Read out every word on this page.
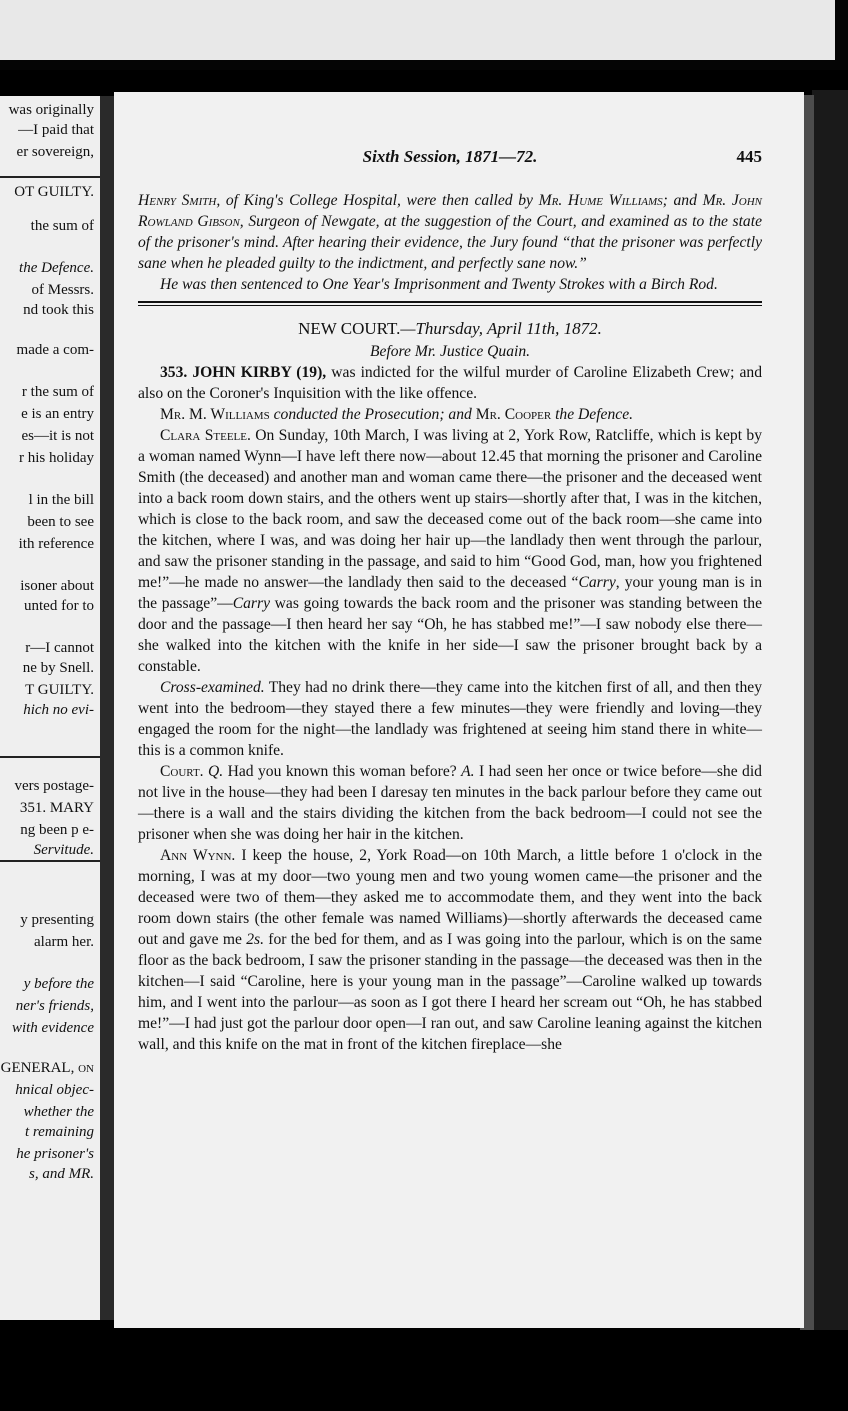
was originally
—I paid that
er sovereign,
OT GUILTY.
the sum of
the Defence.
of Messrs.
nd took this
made a com-
r the sum of
e is an entry
es—it is not
r his holiday
l in the bill
been to see
ith reference
isoner about
unted for to
r—I cannot
ne by Snell.
T GUILTY.
hich no evi-
vers postage-
351. MARY
ng been p e-
Servitude.
y presenting
alarm her.
y before the
ner's friends,
with evidence
GENERAL, on
hnical objec-
whether the
t remaining
he prisoner's
s, and MR.
Sixth Session, 1871—72.	445

Henry Smith, of King's College Hospital, were then called by Mr. Hume Williams; and Mr. John Rowland Gibson, Surgeon of Newgate, at the suggestion of the Court, and examined as to the state of the prisoner's mind. After hearing their evidence, the Jury found “that the prisoner was perfectly sane when he pleaded guilty to the indictment, and perfectly sane now.”

He was then sentenced to One Year's Imprisonment and Twenty Strokes with a Birch Rod.

NEW COURT.—Thursday, April 11th, 1872.
Before Mr. Justice Quain.

353. JOHN KIRBY (19), was indicted for the wilful murder of Caroline Elizabeth Crew; and also on the Coroner's Inquisition with the like offence.

Mr. M. Williams conducted the Prosecution; and Mr. Cooper the Defence.

Clara Steele. On Sunday, 10th March, I was living at 2, York Row, Ratcliffe, which is kept by a woman named Wynn—I have left there now—about 12.45 that morning the prisoner and Caroline Smith (the deceased) and another man and woman came there—the prisoner and the deceased went into a back room down stairs, and the others went up stairs—shortly after that, I was in the kitchen, which is close to the back room, and saw the deceased come out of the back room—she came into the kitchen, where I was, and was doing her hair up—the landlady then went through the parlour, and saw the prisoner standing in the passage, and said to him “Good God, man, how you frightened me!”—he made no answer—the landlady then said to the deceased “Carry, your young man is in the passage”—Carry was going towards the back room and the prisoner was standing between the door and the passage—I then heard her say “Oh, he has stabbed me!”—I saw nobody else there—she walked into the kitchen with the knife in her side—I saw the prisoner brought back by a constable.

Cross-examined. They had no drink there—they came into the kitchen first of all, and then they went into the bedroom—they stayed there a few minutes—they were friendly and loving—they engaged the room for the night—the landlady was frightened at seeing him stand there in white—this is a common knife.

Court. Q. Had you known this woman before? A. I had seen her once or twice before—she did not live in the house—they had been I daresay ten minutes in the back parlour before they came out—there is a wall and the stairs dividing the kitchen from the back bedroom—I could not see the prisoner when she was doing her hair in the kitchen.

Ann Wynn. I keep the house, 2, York Road—on 10th March, a little before 1 o'clock in the morning, I was at my door—two young men and two young women came—the prisoner and the deceased were two of them—they asked me to accommodate them, and they went into the back room down stairs (the other female was named Williams)—shortly afterwards the deceased came out and gave me 2s. for the bed for them, and as I was going into the parlour, which is on the same floor as the back bedroom, I saw the prisoner standing in the passage—the deceased was then in the kitchen—I said “Caroline, here is your young man in the passage”—Caroline walked up towards him, and I went into the parlour—as soon as I got there I heard her scream out “Oh, he has stabbed me!”—I had just got the parlour door open—I ran out, and saw Caroline leaning against the kitchen wall, and this knife on the mat in front of the kitchen fireplace—she
